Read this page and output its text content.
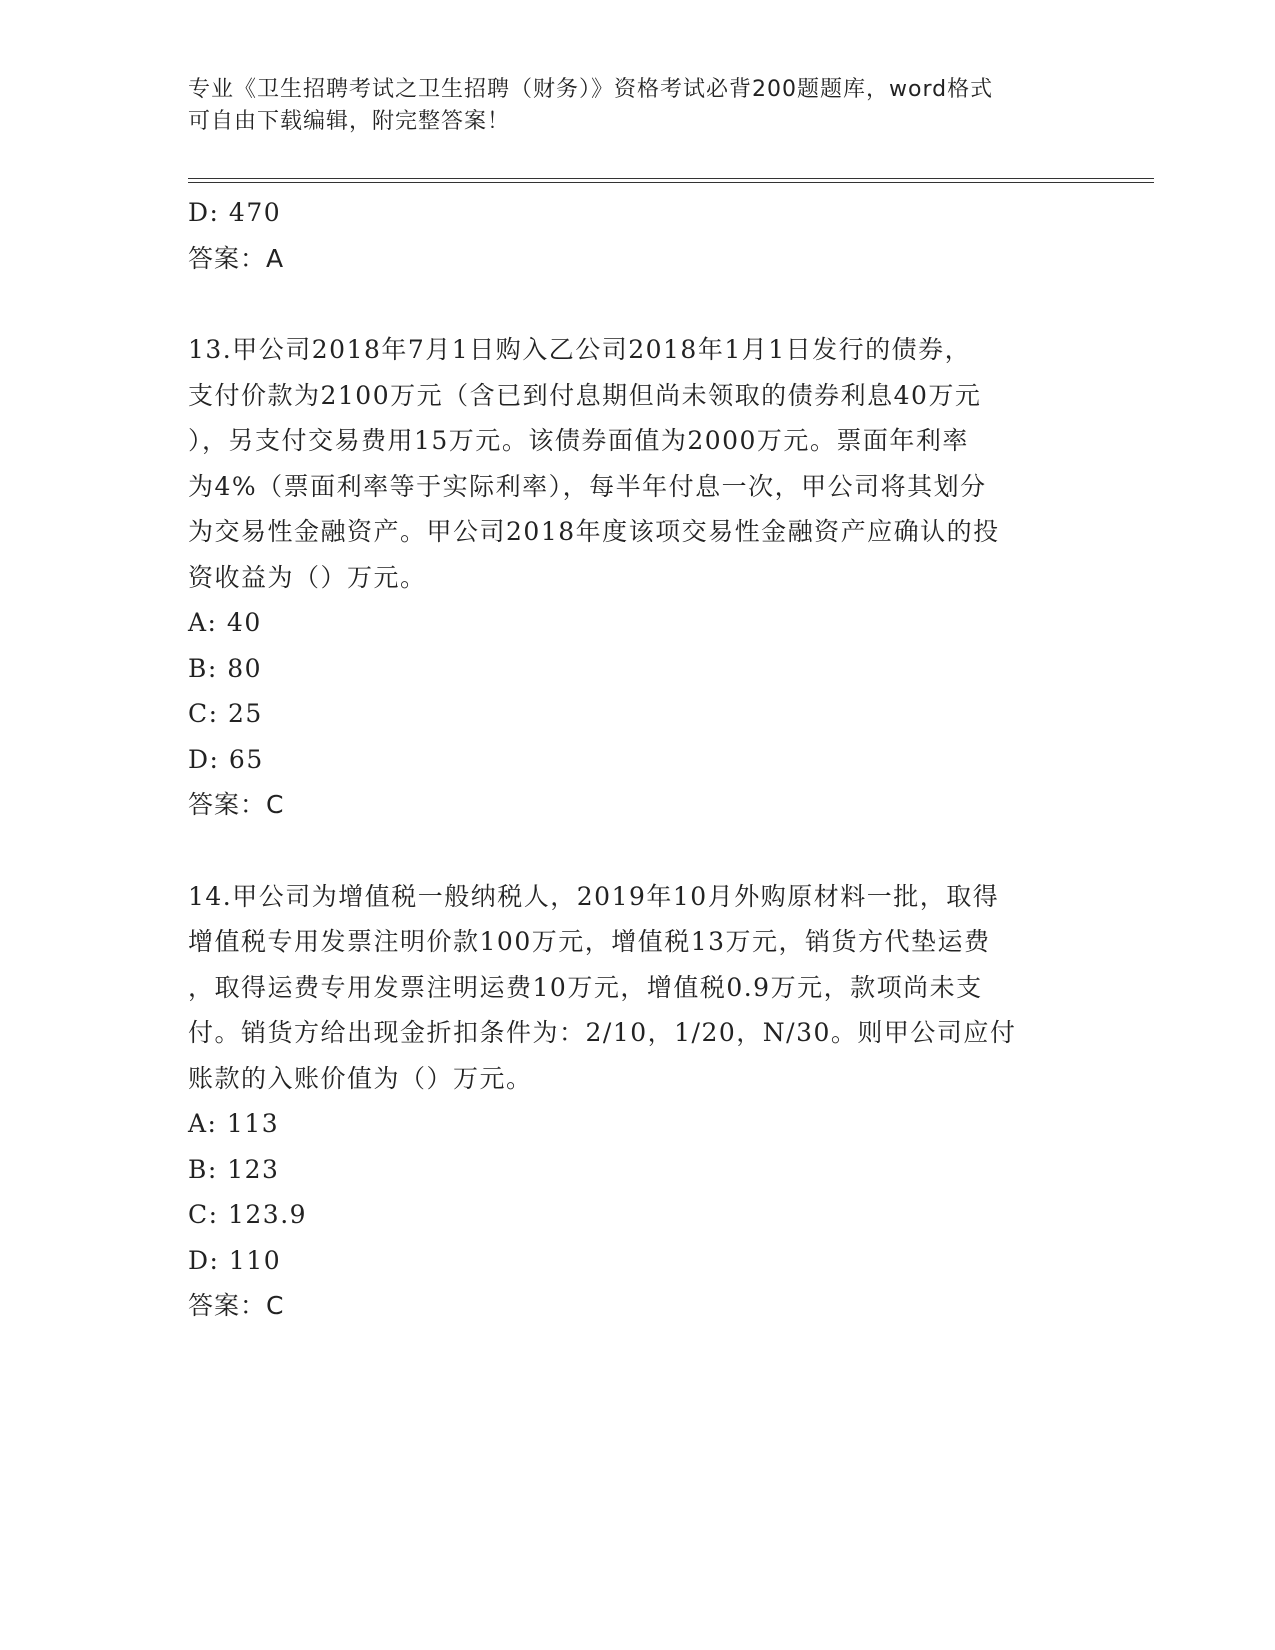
专业《卫生招聘考试之卫生招聘（财务）》资格考试必背200题题库，word格式
可自由下载编辑，附完整答案！
D: 470
答案：A
13.甲公司2018年7月1日购入乙公司2018年1月1日发行的债券，
支付价款为2100万元（含已到付息期但尚未领取的债券利息40万元
），另支付交易费用15万元。该债券面值为2000万元。票面年利率
为4%（票面利率等于实际利率），每半年付息一次，甲公司将其划分
为交易性金融资产。甲公司2018年度该项交易性金融资产应确认的投
资收益为（）万元。
A: 40
B: 80
C: 25
D: 65
答案：C
14.甲公司为增值税一般纳税人，2019年10月外购原材料一批，取得
增值税专用发票注明价款100万元，增值税13万元，销货方代垫运费
，取得运费专用发票注明运费10万元，增值税0.9万元，款项尚未支
付。销货方给出现金折扣条件为：2/10，1/20，N/30。则甲公司应付
账款的入账价值为（）万元。
A: 113
B: 123
C: 123.9
D: 110
答案：C
